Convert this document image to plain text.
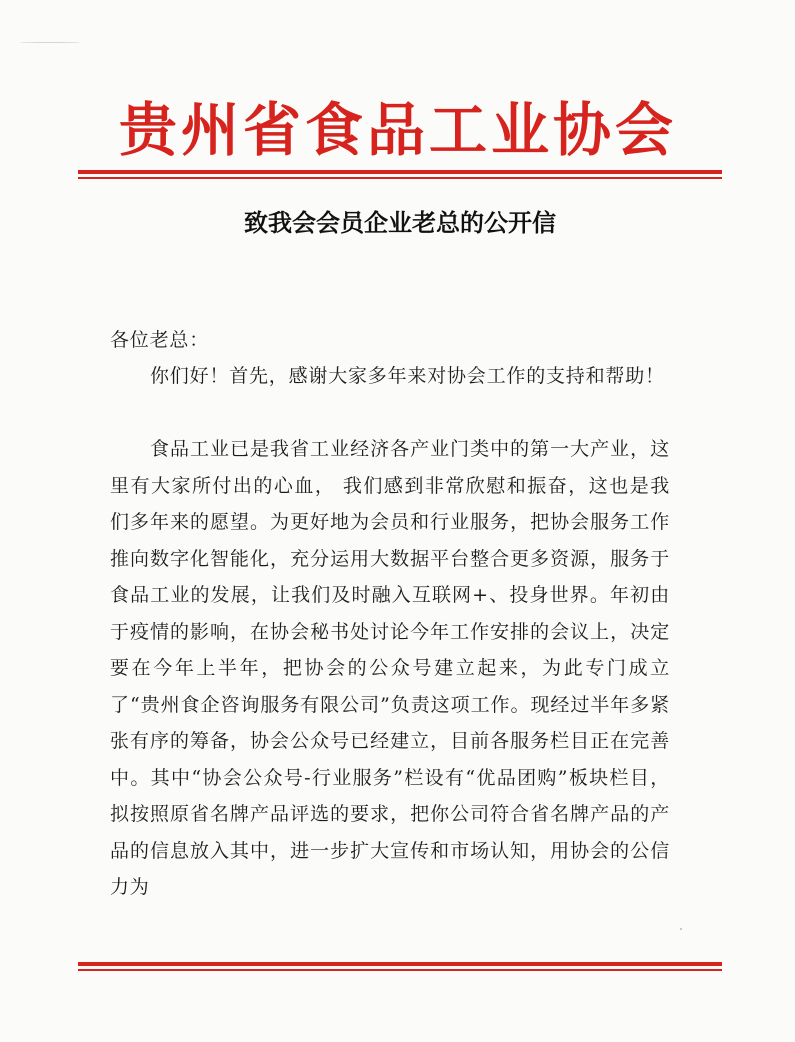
贵州省食品工业协会
致我会会员企业老总的公开信
各位老总：
你们好！首先，感谢大家多年来对协会工作的支持和帮助！
食品工业已是我省工业经济各产业门类中的第一大产业，这里有大家所付出的心血， 我们感到非常欣慰和振奋，这也是我们多年来的愿望。为更好地为会员和行业服务，把协会服务工作推向数字化智能化，充分运用大数据平台整合更多资源，服务于食品工业的发展，让我们及时融入互联网+、投身世界。年初由于疫情的影响，在协会秘书处讨论今年工作安排的会议上，决定要在今年上半年，把协会的公众号建立起来，为此专门成立了“贵州食企咨询服务有限公司”负责这项工作。现经过半年多紧张有序的筹备，协会公众号已经建立，目前各服务栏目正在完善中。其中“协会公众号-行业服务”栏设有“优品团购”板块栏目，拟按照原省名牌产品评选的要求，把你公司符合省名牌产品的产品的信息放入其中，进一步扩大宣传和市场认知，用协会的公信力为
